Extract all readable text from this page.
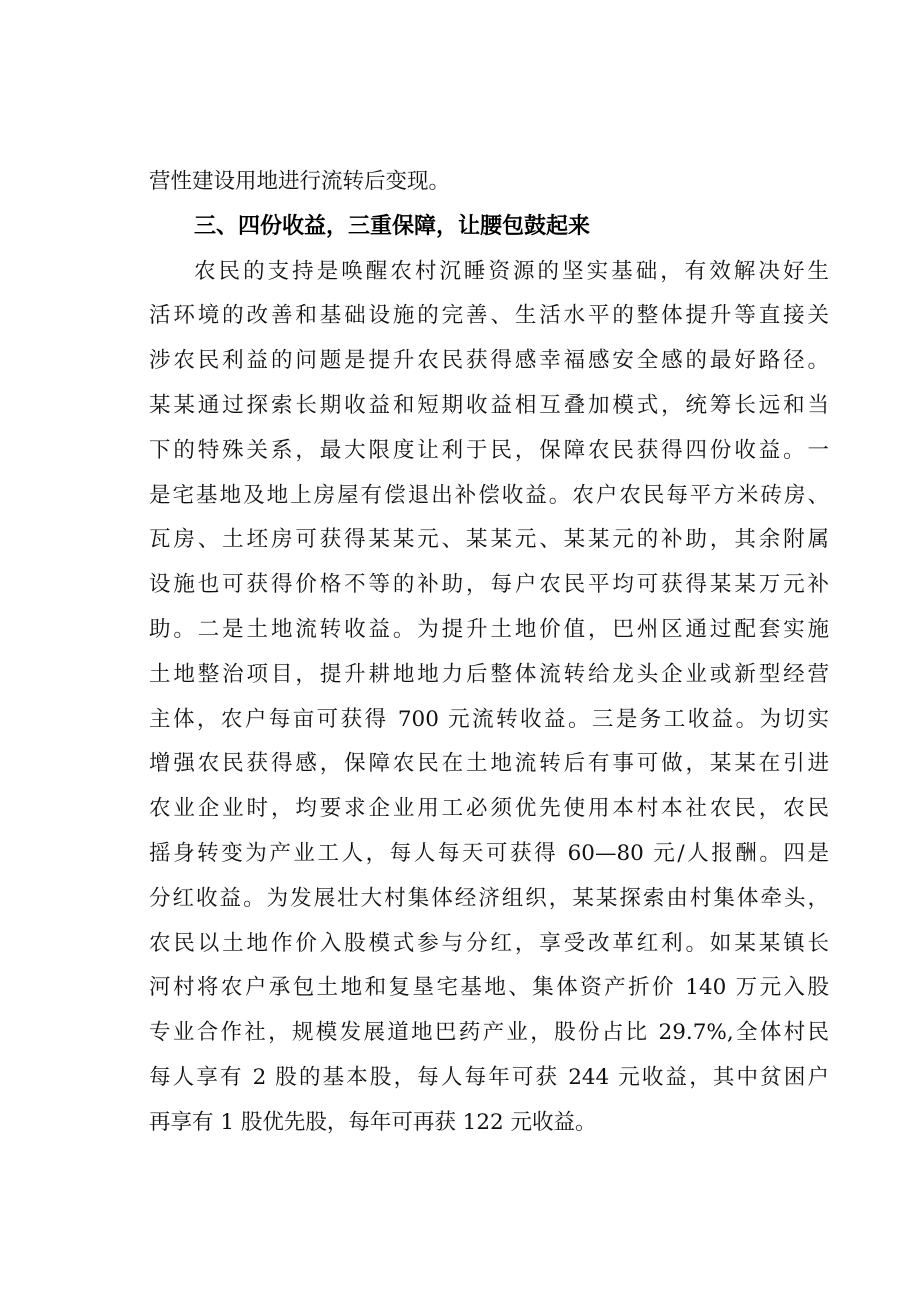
营性建设用地进行流转后变现。
三、四份收益，三重保障，让腰包鼓起来
农民的支持是唤醒农村沉睡资源的坚实基础，有效解决好生
活环境的改善和基础设施的完善、生活水平的整体提升等直接关
涉农民利益的问题是提升农民获得感幸福感安全感的最好路径。
某某通过探索长期收益和短期收益相互叠加模式，统筹长远和当
下的特殊关系，最大限度让利于民，保障农民获得四份收益。一
是宅基地及地上房屋有偿退出补偿收益。农户农民每平方米砖房、
瓦房、土坯房可获得某某元、某某元、某某元的补助，其余附属
设施也可获得价格不等的补助，每户农民平均可获得某某万元补
助。二是土地流转收益。为提升土地价值，巴州区通过配套实施
土地整治项目，提升耕地地力后整体流转给龙头企业或新型经营
主体，农户每亩可获得 700 元流转收益。三是务工收益。为切实
增强农民获得感，保障农民在土地流转后有事可做，某某在引进
农业企业时，均要求企业用工必须优先使用本村本社农民，农民
摇身转变为产业工人，每人每天可获得 60—80 元/人报酬。四是
分红收益。为发展壮大村集体经济组织，某某探索由村集体牵头，
农民以土地作价入股模式参与分红，享受改革红利。如某某镇长
河村将农户承包土地和复垦宅基地、集体资产折价 140 万元入股
专业合作社，规模发展道地巴药产业，股份占比 29.7%,全体村民
每人享有 2 股的基本股，每人每年可获 244 元收益，其中贫困户
再享有 1 股优先股，每年可再获 122 元收益。
